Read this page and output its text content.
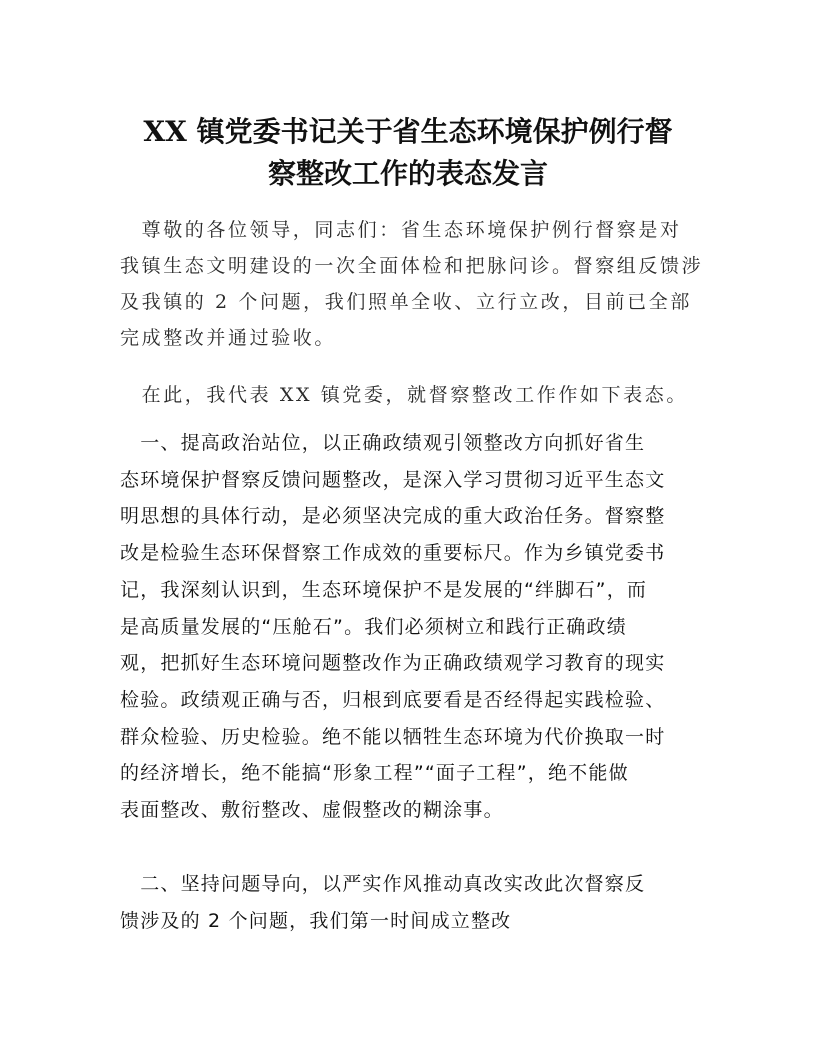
XX 镇党委书记关于省生态环境保护例行督
察整改工作的表态发言
　尊敬的各位领导，同志们：省生态环境保护例行督察是对
我镇生态文明建设的一次全面体检和把脉问诊。督察组反馈涉
及我镇的 2 个问题，我们照单全收、立行立改，目前已全部
完成整改并通过验收。
　在此，我代表 XX 镇党委，就督察整改工作作如下表态。
　一、提高政治站位，以正确政绩观引领整改方向抓好省生
态环境保护督察反馈问题整改，是深入学习贯彻习近平生态文
明思想的具体行动，是必须坚决完成的重大政治任务。督察整
改是检验生态环保督察工作成效的重要标尺。作为乡镇党委书
记，我深刻认识到，生态环境保护不是发展的“绊脚石”，而
是高质量发展的“压舱石”。我们必须树立和践行正确政绩
观，把抓好生态环境问题整改作为正确政绩观学习教育的现实
检验。政绩观正确与否，归根到底要看是否经得起实践检验、
群众检验、历史检验。绝不能以牺牲生态环境为代价换取一时
的经济增长，绝不能搞“形象工程”“面子工程”，绝不能做
表面整改、敷衍整改、虚假整改的糊涂事。
　二、坚持问题导向，以严实作风推动真改实改此次督察反
馈涉及的 2 个问题，我们第一时间成立整改
